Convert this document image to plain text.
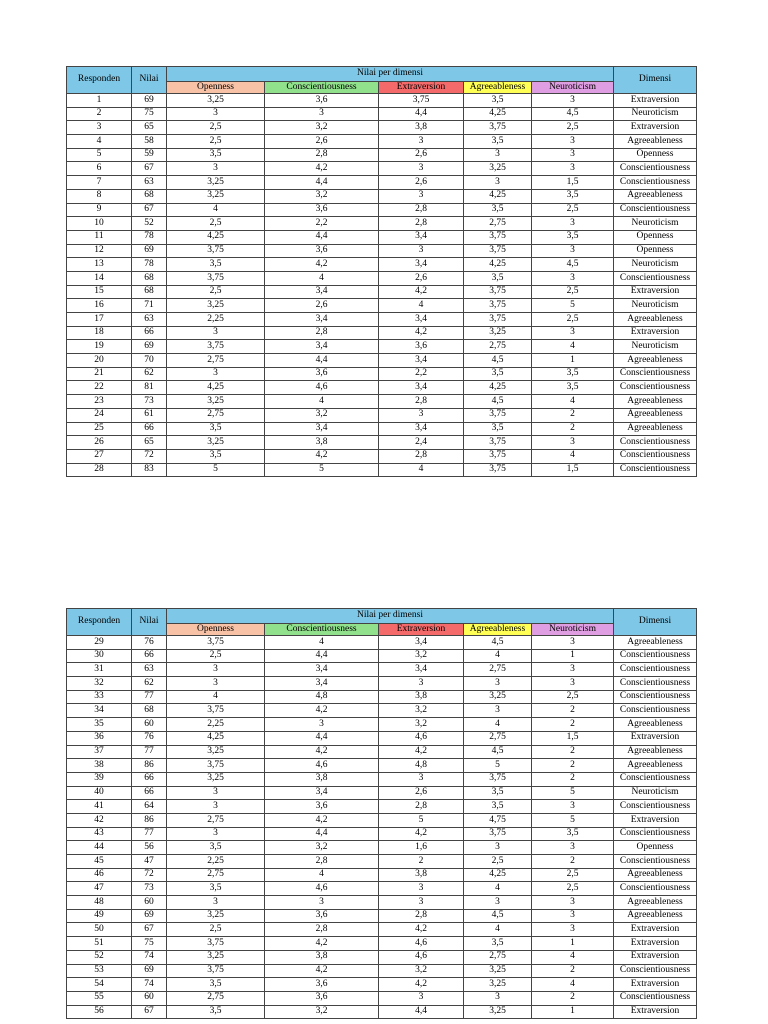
Responden	Nilai	Nilai per dimensi					Dimensi
		Openness	Conscientiousness	Extraversion	Agreeableness	Neuroticism	
1	69	3,25	3,6	3,75	3,5	3	Extraversion
2	75	3	3	4,4	4,25	4,5	Neuroticism
3	65	2,5	3,2	3,8	3,75	2,5	Extraversion
4	58	2,5	2,6	3	3,5	3	Agreeableness
5	59	3,5	2,8	2,6	3	3	Openness
6	67	3	4,2	3	3,25	3	Conscientiousness
7	63	3,25	4,4	2,6	3	1,5	Conscientiousness
8	68	3,25	3,2	3	4,25	3,5	Agreeableness
9	67	4	3,6	2,8	3,5	2,5	Conscientiousness
10	52	2,5	2,2	2,8	2,75	3	Neuroticism
11	78	4,25	4,4	3,4	3,75	3,5	Openness
12	69	3,75	3,6	3	3,75	3	Openness
13	78	3,5	4,2	3,4	4,25	4,5	Neuroticism
14	68	3,75	4	2,6	3,5	3	Conscientiousness
15	68	2,5	3,4	4,2	3,75	2,5	Extraversion
16	71	3,25	2,6	4	3,75	5	Neuroticism
17	63	2,25	3,4	3,4	3,75	2,5	Agreeableness
18	66	3	2,8	4,2	3,25	3	Extraversion
19	69	3,75	3,4	3,6	2,75	4	Neuroticism
20	70	2,75	4,4	3,4	4,5	1	Agreeableness
21	62	3	3,6	2,2	3,5	3,5	Conscientiousness
22	81	4,25	4,6	3,4	4,25	3,5	Conscientiousness
23	73	3,25	4	2,8	4,5	4	Agreeableness
24	61	2,75	3,2	3	3,75	2	Agreeableness
25	66	3,5	3,4	3,4	3,5	2	Agreeableness
26	65	3,25	3,8	2,4	3,75	3	Conscientiousness
27	72	3,5	4,2	2,8	3,75	4	Conscientiousness
28	83	5	5	4	3,75	1,5	Conscientiousness
Responden	Nilai	Nilai per dimensi					Dimensi
		Openness	Conscientiousness	Extraversion	Agreeableness	Neuroticism	
29	76	3,75	4	3,4	4,5	3	Agreeableness
30	66	2,5	4,4	3,2	4	1	Conscientiousness
31	63	3	3,4	3,4	2,75	3	Conscientiousness
32	62	3	3,4	3	3	3	Conscientiousness
33	77	4	4,8	3,8	3,25	2,5	Conscientiousness
34	68	3,75	4,2	3,2	3	2	Conscientiousness
35	60	2,25	3	3,2	4	2	Agreeableness
36	76	4,25	4,4	4,6	2,75	1,5	Extraversion
37	77	3,25	4,2	4,2	4,5	2	Agreeableness
38	86	3,75	4,6	4,8	5	2	Agreeableness
39	66	3,25	3,8	3	3,75	2	Conscientiousness
40	66	3	3,4	2,6	3,5	5	Neuroticism
41	64	3	3,6	2,8	3,5	3	Conscientiousness
42	86	2,75	4,2	5	4,75	5	Extraversion
43	77	3	4,4	4,2	3,75	3,5	Conscientiousness
44	56	3,5	3,2	1,6	3	3	Openness
45	47	2,25	2,8	2	2,5	2	Conscientiousness
46	72	2,75	4	3,8	4,25	2,5	Agreeableness
47	73	3,5	4,6	3	4	2,5	Conscientiousness
48	60	3	3	3	3	3	Agreeableness
49	69	3,25	3,6	2,8	4,5	3	Agreeableness
50	67	2,5	2,8	4,2	4	3	Extraversion
51	75	3,75	4,2	4,6	3,5	1	Extraversion
52	74	3,25	3,8	4,6	2,75	4	Extraversion
53	69	3,75	4,2	3,2	3,25	2	Conscientiousness
54	74	3,5	3,6	4,2	3,25	4	Extraversion
55	60	2,75	3,6	3	3	2	Conscientiousness
56	67	3,5	3,2	4,4	3,25	1	Extraversion
